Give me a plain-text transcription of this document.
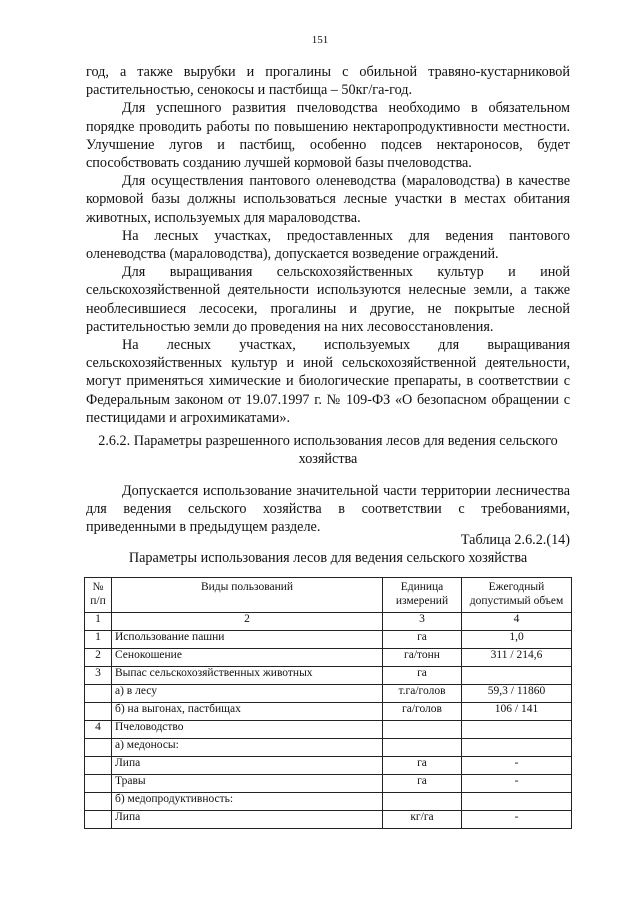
151

год, а также вырубки и прогалины с обильной травяно-кустарниковой растительностью, сенокосы и пастбища – 50кг/га-год.

Для успешного развития пчеловодства необходимо в обязательном порядке проводить работы по повышению нектаропродуктивности местности. Улучшение лугов и пастбищ, особенно подсев нектароносов, будет способствовать созданию лучшей кормовой базы пчеловодства.

Для осуществления пантового оленеводства (мараловодства) в качестве кормовой базы должны использоваться лесные участки в местах обитания животных, используемых для мараловодства.

На лесных участках, предоставленных для ведения пантового оленеводства (мараловодства), допускается возведение ограждений.

Для выращивания сельскохозяйственных культур и иной сельскохозяйственной деятельности используются нелесные земли, а также необлесившиеся лесосеки, прогалины и другие, не покрытые лесной растительностью земли до проведения на них лесовосстановления.

На лесных участках, используемых для выращивания сельскохозяйственных культур и иной сельскохозяйственной деятельности, могут применяться химические и биологические препараты, в соответствии с Федеральным законом от 19.07.1997 г. № 109-ФЗ «О безопасном обращении с пестицидами и агрохимикатами».

2.6.2. Параметры разрешенного использования лесов для ведения сельского хозяйства

Допускается использование значительной части территории лесничества для ведения сельского хозяйства в соответствии с требованиями, приведенными в предыдущем разделе.

Таблица 2.6.2.(14)
Параметры использования лесов для ведения сельского хозяйства
№ п/п	Виды пользований	Единица измерений	Ежегодный допустимый объем
1	2	3	4
1	Использование пашни	га	1,0
2	Сенокошение	га/тонн	311 / 214,6
3	Выпас сельскохозяйственных животных	га	
	а) в лесу	т.га/голов	59,3 / 11860
	б) на выгонах, пастбищах	га/голов	106 / 141
4	Пчеловодство		
	а) медоносы:		
	Липа	га	-
	Травы	га	-
	б) медопродуктивность:		
	Липа	кг/га	-
